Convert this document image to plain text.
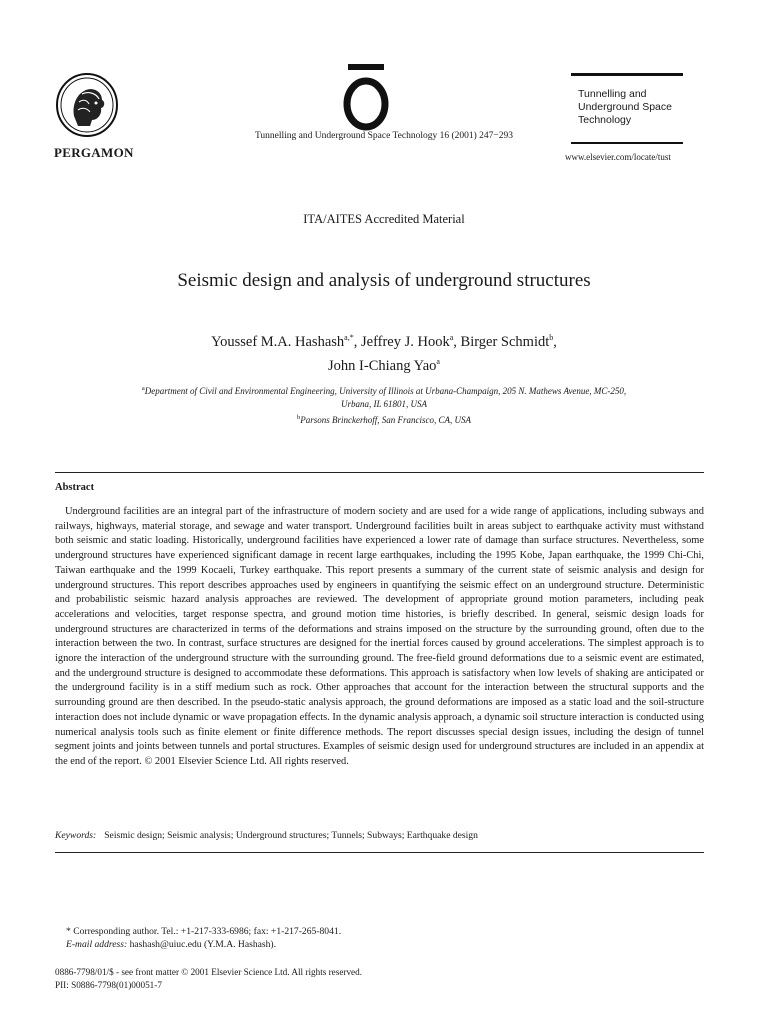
PERGAMON
Tunnelling and Underground Space Technology 16 (2001) 247−293
Tunnelling and
Underground Space
Technology
www.elsevier.com/locate/tust
ITA/AITES Accredited Material
Seismic design and analysis of underground structures
Youssef M.A. Hashash$^{a,*}$, Jeffrey J. Hook$^a$, Birger Schmidt$^b$,
John I-Chiang Yao$^a$
$^a$Department of Civil and Environmental Engineering, University of Illinois at Urbana-Champaign, 205 N. Mathews Avenue, MC-250,
Urbana, IL 61801, USA
$^b$Parsons Brinckerhoff, San Francisco, CA, USA
Abstract
Underground facilities are an integral part of the infrastructure of modern society and are used for a wide range of applications, including subways and railways, highways, material storage, and sewage and water transport. Underground facilities built in areas subject to earthquake activity must withstand both seismic and static loading. Historically, underground facilities have experienced a lower rate of damage than surface structures. Nevertheless, some underground structures have experienced significant damage in recent large earthquakes, including the 1995 Kobe, Japan earthquake, the 1999 Chi-Chi, Taiwan earthquake and the 1999 Kocaeli, Turkey earthquake. This report presents a summary of the current state of seismic analysis and design for underground structures. This report describes approaches used by engineers in quantifying the seismic effect on an underground structure. Deterministic and probabilistic seismic hazard analysis approaches are reviewed. The development of appropriate ground motion parameters, including peak accelerations and velocities, target response spectra, and ground motion time histories, is briefly described. In general, seismic design loads for underground structures are characterized in terms of the deformations and strains imposed on the structure by the surrounding ground, often due to the interaction between the two. In contrast, surface structures are designed for the inertial forces caused by ground accelerations. The simplest approach is to ignore the interaction of the underground structure with the surrounding ground. The free-field ground deformations due to a seismic event are estimated, and the underground structure is designed to accommodate these deformations. This approach is satisfactory when low levels of shaking are anticipated or the underground facility is in a stiff medium such as rock. Other approaches that account for the interaction between the structural supports and the surrounding ground are then described. In the pseudo-static analysis approach, the ground deformations are imposed as a static load and the soil-structure interaction does not include dynamic or wave propagation effects. In the dynamic analysis approach, a dynamic soil structure interaction is conducted using numerical analysis tools such as finite element or finite difference methods. The report discusses special design issues, including the design of tunnel segment joints and joints between tunnels and portal structures. Examples of seismic design used for underground structures are included in an appendix at the end of the report. © 2001 Elsevier Science Ltd. All rights reserved.
Keywords: Seismic design; Seismic analysis; Underground structures; Tunnels; Subways; Earthquake design
* Corresponding author. Tel.: +1-217-333-6986; fax: +1-217-265-8041.
E-mail address: hashash@uiuc.edu (Y.M.A. Hashash).
0886-7798/01/$ - see front matter © 2001 Elsevier Science Ltd. All rights reserved.
PII: S0886-7798(01)00051-7
